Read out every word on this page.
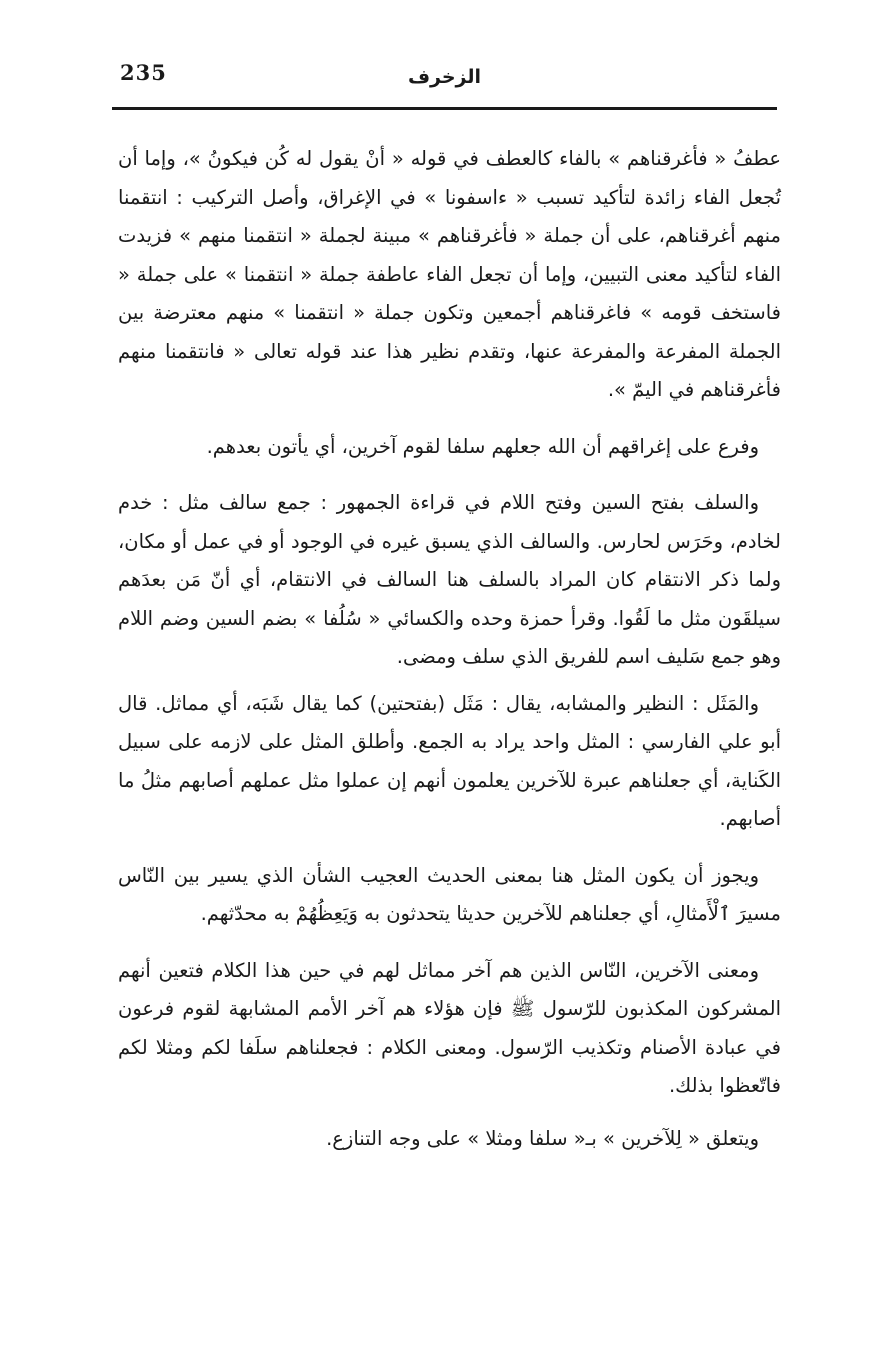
235	الزخرف

عطفُ « فأغرقناهم » بالفاء كالعطف في قوله « أنْ يقول له كُن فيكونُ »، وإما أن تُجعل الفاء زائدة لتأكيد تسبب « ءاسفونا » في الإغراق، وأصل التركيب : انتقمنا منهم أغرقناهم، على أن جملة « فأغرقناهم » مبينة لجملة « انتقمنا منهم » فزيدت الفاء لتأكيد معنى التبيين، وإما أن تجعل الفاء عاطفة جملة « انتقمنا » على جملة « فاستخف قومه » فاغرقناهم أجمعين وتكون جملة « انتقمنا » منهم معترضة بين الجملة المفرعة والمفرعة عنها، وتقدم نظير هذا عند قوله تعالى « فانتقمنا منهم فأغرقناهم في اليمّ ».

وفرع على إغراقهم أن الله جعلهم سلفا لقوم آخرين، أي يأتون بعدهم.

والسلف بفتح السين وفتح اللام في قراءة الجمهور : جمع سالف مثل : خدم لخادم، وحَرَس لحارس. والسالف الذي يسبق غيره في الوجود أو في عمل أو مكان، ولما ذكر الانتقام كان المراد بالسلف هنا السالف في الانتقام، أي أنّ مَن بعدَهم سيلقَون مثل ما لَقُوا. وقرأ حمزة وحده والكسائي « سُلُفا » بضم السين وضم اللام وهو جمع سَليف اسم للفريق الذي سلف ومضى.

والمَثَل : النظير والمشابه، يقال : مَثَل (بفتحتين) كما يقال شَبَه، أي مماثل. قال أبو علي الفارسي : المثل واحد يراد به الجمع. وأطلق المثل على لازمه على سبيل الكَناية، أي جعلناهم عبرة للآخرين يعلمون أنهم إن عملوا مثل عملهم أصابهم مثلُ ما أصابهم.

ويجوز أن يكون المثل هنا بمعنى الحديث العجيب الشأن الذي يسير بين النّاس مسيرَ ٱلْأَمثالِ، أي جعلناهم للآخرين حديثا يتحدثون به وَيَعِظُهُمْ به محدّثهم.

ومعنى الآخرين، النّاس الذين هم آخر مماثل لهم في حين هذا الكلام فتعين أنهم المشركون المكذبون للرّسول ﷺ فإن هؤلاء هم آخر الأمم المشابهة لقوم فرعون في عبادة الأصنام وتكذيب الرّسول. ومعنى الكلام : فجعلناهم سلَفا لكم ومثلا لكم فاتّعظوا بذلك.

ويتعلق « لِلآخرين » بـ« سلفا ومثلا » على وجه التنازع.
